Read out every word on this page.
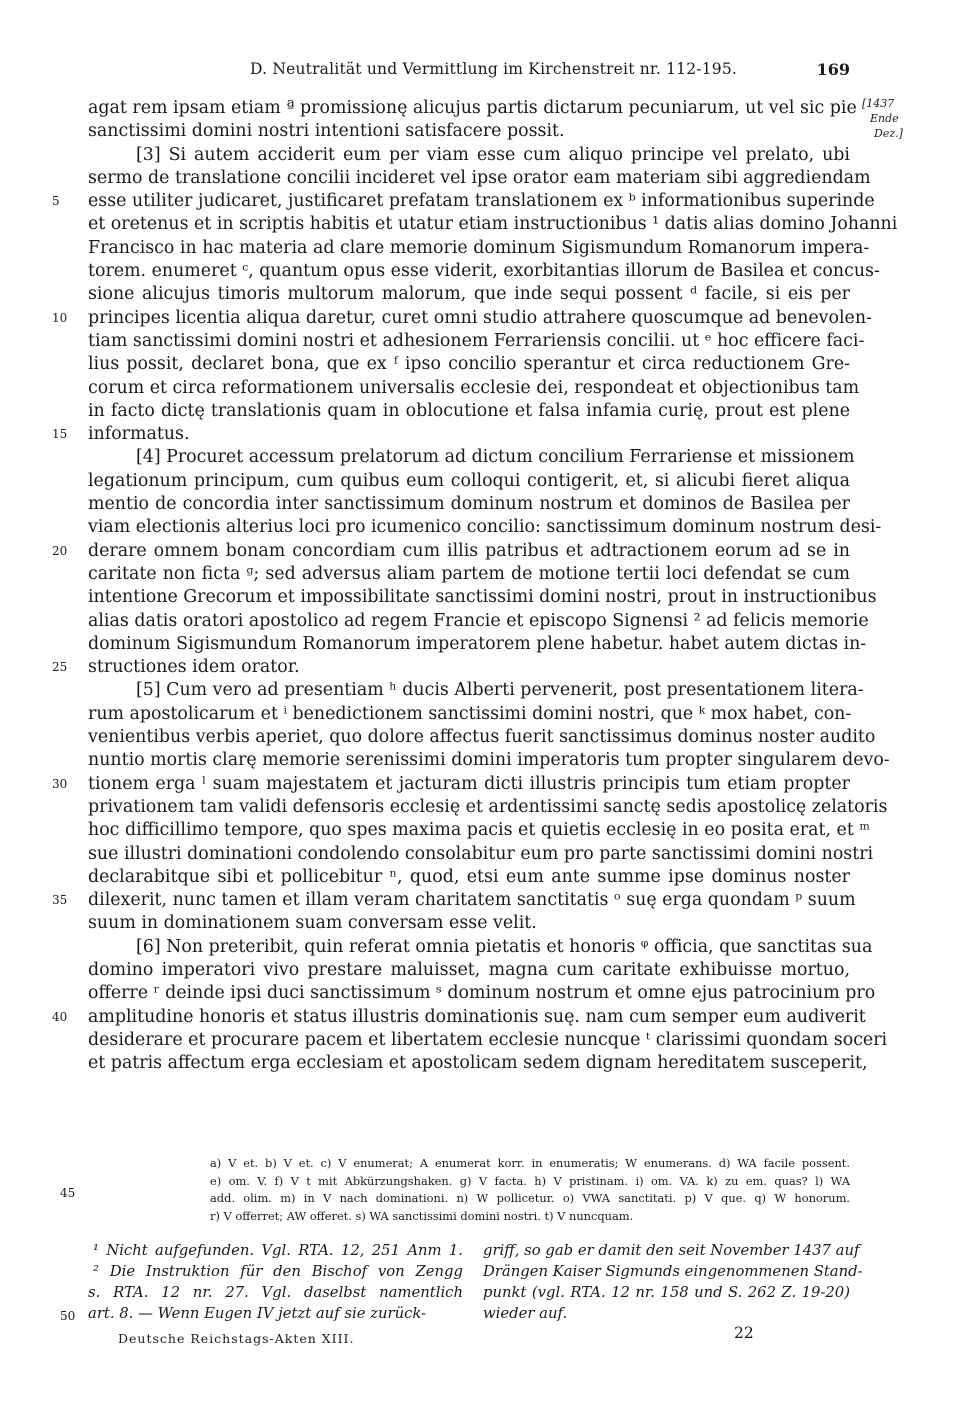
D. Neutralität und Vermittlung im Kirchenstreit nr. 112-195.	169
[1437
Ende
Dez.]
agat rem ipsam etiam ª promissionę alicujus partis dictarum pecuniarum, ut vel sic pie
sanctissimi domini nostri intentioni satisfacere possit.
[3] Si autem acciderit eum per viam esse cum aliquo principe vel prelato, ubi
sermo de translatione concilii incideret vel ipse orator eam materiam sibi aggrediendam
5	esse utiliter judicaret, justificaret prefatam translationem ex ᵇ informationibus superinde
et oretenus et in scriptis habitis et utatur etiam instructionibus ¹ datis alias domino Johanni
Francisco in hac materia ad clare memorie dominum Sigismundum Romanorum impera-
torem. enumeret ᶜ, quantum opus esse viderit, exorbitantias illorum de Basilea et concus-
sione alicujus timoris multorum malorum, que inde sequi possent ᵈ facile, si eis per
10	principes licentia aliqua daretur, curet omni studio attrahere quoscumque ad benevolen-
tiam sanctissimi domini nostri et adhesionem Ferrariensis concilii. ut ᵉ hoc efficere faci-
lius possit, declaret bona, que ex ᶠ ipso concilio sperantur et circa reductionem Gre-
corum et circa reformationem universalis ecclesie dei, respondeat et objectionibus tam
in facto dictę translationis quam in oblocutione et falsa infamia curię, prout est plene
15	informatus.
[4] Procuret accessum prelatorum ad dictum concilium Ferrariense et missionem
legationum principum, cum quibus eum colloqui contigerit, et, si alicubi fieret aliqua
mentio de concordia inter sanctissimum dominum nostrum et dominos de Basilea per
viam electionis alterius loci pro icumenico concilio: sanctissimum dominum nostrum desi-
20	derare omnem bonam concordiam cum illis patribus et adtractionem eorum ad se in
caritate non ficta ᵍ; sed adversus aliam partem de motione tertii loci defendat se cum
intentione Grecorum et impossibilitate sanctissimi domini nostri, prout in instructionibus
alias datis oratori apostolico ad regem Francie et episcopo Signensi ² ad felicis memorie
dominum Sigismundum Romanorum imperatorem plene habetur. habet autem dictas in-
25	structiones idem orator.
[5] Cum vero ad presentiam ʰ ducis Alberti pervenerit, post presentationem litera-
rum apostolicarum et ⁱ benedictionem sanctissimi domini nostri, que ᵏ mox habet, con-
venientibus verbis aperiet, quo dolore affectus fuerit sanctissimus dominus noster audito
nuntio mortis clarę memorie serenissimi domini imperatoris tum propter singularem devo-
30	tionem erga ˡ suam majestatem et jacturam dicti illustris principis tum etiam propter
privationem tam validi defensoris ecclesię et ardentissimi sanctę sedis apostolicę zelatoris
hoc difficillimo tempore, quo spes maxima pacis et quietis ecclesię in eo posita erat, et ᵐ
sue illustri dominationi condolendo consolabitur eum pro parte sanctissimi domini nostri
declarabitque sibi et pollicebitur ⁿ, quod, etsi eum ante summe ipse dominus noster
35	dilexerit, nunc tamen et illam veram charitatem sanctitatis ᵒ suę erga quondam ᵖ suum
suum in dominationem suam conversam esse velit.
[6] Non preteribit, quin referat omnia pietatis et honoris ᵠ officia, que sanctitas sua
domino imperatori vivo prestare maluisset, magna cum caritate exhibuisse mortuo,
offerre ʳ deinde ipsi duci sanctissimum ˢ dominum nostrum et omne ejus patrocinium pro
40	amplitudine honoris et status illustris dominationis suę. nam cum semper eum audiverit
desiderare et procurare pacem et libertatem ecclesie nuncque ᵗ clarissimi quondam soceri
et patris affectum erga ecclesiam et apostolicam sedem dignam hereditatem susceperit,
45
a) V et. b) V et. c) V enumerat; A enumerat korr. in enumeratis; W enumerans. d) WA facile possent.
e) om. V. f) V t mit Abkürzungshaken. g) V facta. h) V pristinam. i) om. VA. k) zu em. quas? l) WA
add. olim. m) in V nach dominationi. n) W pollicetur. o) VWA sanctitati. p) V que. q) W honorum.
r) V offerret; AW offeret. s) WA sanctissimi domini nostri. t) V nuncquam.
50
¹ Nicht aufgefunden. Vgl. RTA. 12, 251 Anm 1.
² Die Instruktion für den Bischof von Zengg
s. RTA. 12 nr. 27. Vgl. daselbst namentlich
art. 8. — Wenn Eugen IV jetzt auf sie zurück-
griff, so gab er damit den seit November 1437 auf
Drängen Kaiser Sigmunds eingenommenen Stand-
punkt (vgl. RTA. 12 nr. 158 und S. 262 Z. 19-20)
wieder auf.
Deutsche Reichstags-Akten XIII.	22
